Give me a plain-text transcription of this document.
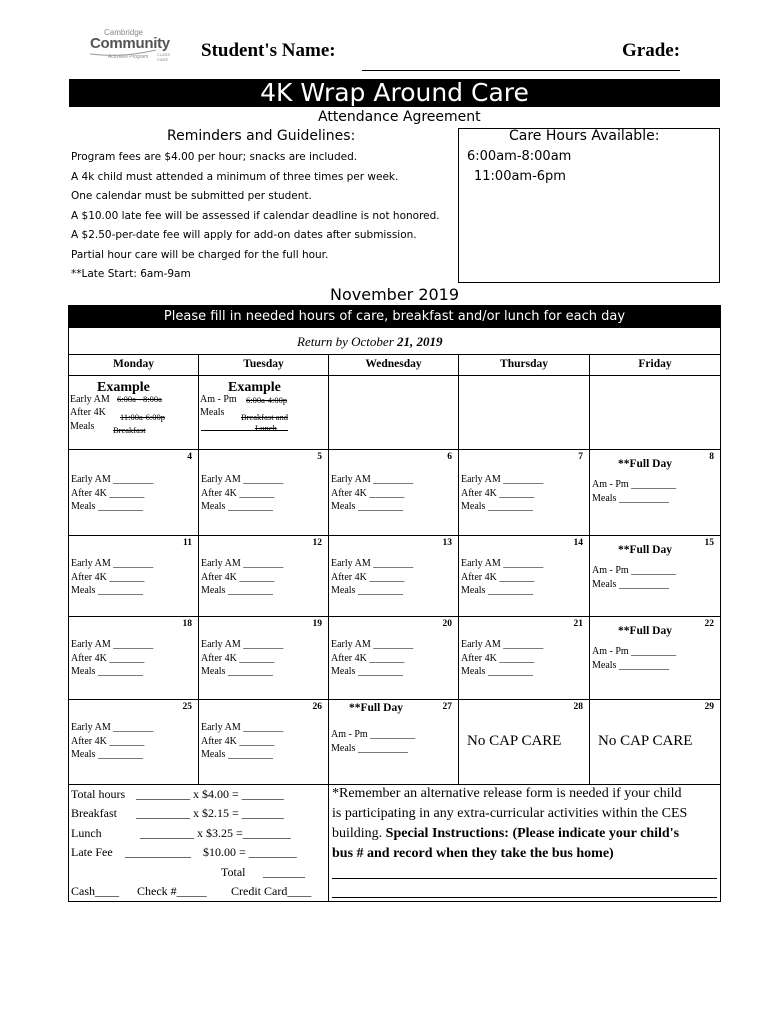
Cambridge
Community
Activities Program CLASS CARE Student's Name:	Grade:
4K Wrap Around Care
Attendance Agreement
Reminders and Guidelines:
Program fees are $4.00 per hour; snacks are included.
A 4k child must attended a minimum of three times per week.
One calendar must be submitted per student.
A $10.00 late fee will be assessed if calendar deadline is not honored.
A $2.50-per-date fee will apply for add-on dates after submission.
Partial hour care will be charged for the full hour.
**Late Start: 6am-9am
Care Hours Available:
6:00am-8:00am
11:00am-6pm
November 2019
Please fill in needed hours of care, breakfast and/or lunch for each day
Return by October 21, 2019
Monday	Tuesday	Wednesday	Thursday	Friday
Example	Example
Early AM 6:00a - 8:00a
After 4K 11:00a-6:00p
Meals Breakfast
Am - Pm 6:00a-4:00p
Meals Breakfast and
Lunch
4
Early AM ________
After 4K _______
Meals _________
5
Early AM ________
After 4K _______
Meals _________
6
Early AM ________
After 4K _______
Meals _________
7
Early AM ________
After 4K _______
Meals _________
8
**Full Day
Am - Pm _________
Meals __________
11
Early AM ________
After 4K _______
Meals _________
12
Early AM ________
After 4K _______
Meals _________
13
Early AM ________
After 4K _______
Meals _________
14
Early AM ________
After 4K _______
Meals _________
15
**Full Day
Am - Pm _________
Meals __________
18
Early AM ________
After 4K _______
Meals _________
19
Early AM ________
After 4K _______
Meals _________
20
Early AM ________
After 4K _______
Meals _________
21
Early AM ________
After 4K _______
Meals _________
22
**Full Day
Am - Pm _________
Meals __________
25
Early AM ________
After 4K _______
Meals _________
26
Early AM ________
After 4K _______
Meals _________
27
**Full Day
Am - Pm _________
Meals __________
28
No CAP CARE
29
No CAP CARE
Total hours _________ x $4.00 = _______
Breakfast _________ x $2.15 = _______
Lunch	_________ x $3.25 =________
Late Fee ___________    $10.00 = ________
Total _______
Cash____ Check #_____ Credit Card____
*Remember an alternative release form is needed if your child
is participating in any extra-curricular activities within the CES
building. Special Instructions: (Please indicate your child's
bus # and record when they take the bus home)
